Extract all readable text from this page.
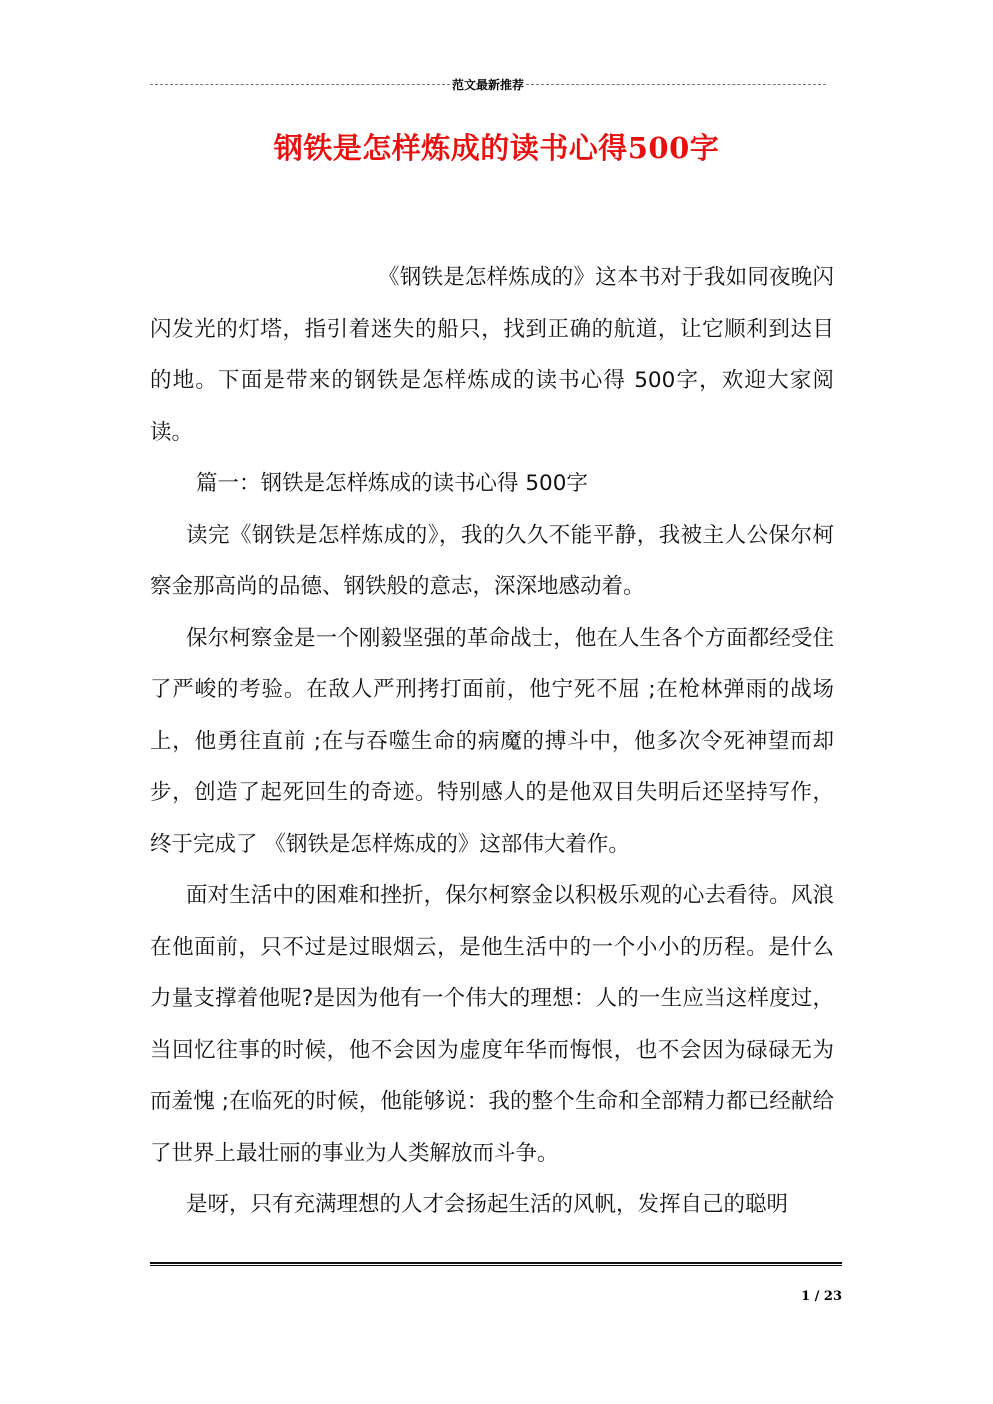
范文最新推荐
钢铁是怎样炼成的读书心得500字

《钢铁是怎样炼成的》这本书对于我如同夜晚闪闪发光的灯塔，指引着迷失的船只，找到正确的航道，让它顺利到达目的地。下面是带来的钢铁是怎样炼成的读书心得 500字，欢迎大家阅读。

篇一：钢铁是怎样炼成的读书心得 500字

读完《钢铁是怎样炼成的》，我的久久不能平静，我被主人公保尔柯察金那高尚的品德、钢铁般的意志，深深地感动着。

保尔柯察金是一个刚毅坚强的革命战士，他在人生各个方面都经受住了严峻的考验。在敌人严刑拷打面前，他宁死不屈 ;在枪林弹雨的战场上，他勇往直前 ;在与吞噬生命的病魔的搏斗中，他多次令死神望而却步，创造了起死回生的奇迹。特别感人的是他双目失明后还坚持写作，终于完成了 《钢铁是怎样炼成的》这部伟大着作。

面对生活中的困难和挫折，保尔柯察金以积极乐观的心去看待。风浪在他面前，只不过是过眼烟云，是他生活中的一个小小的历程。是什么力量支撑着他呢?是因为他有一个伟大的理想：人的一生应当这样度过，当回忆往事的时候，他不会因为虚度年华而悔恨，也不会因为碌碌无为而羞愧 ;在临死的时候，他能够说：我的整个生命和全部精力都已经献给了世界上最壮丽的事业为人类解放而斗争。

是呀，只有充满理想的人才会扬起生活的风帆，发挥自己的聪明

1 / 23
